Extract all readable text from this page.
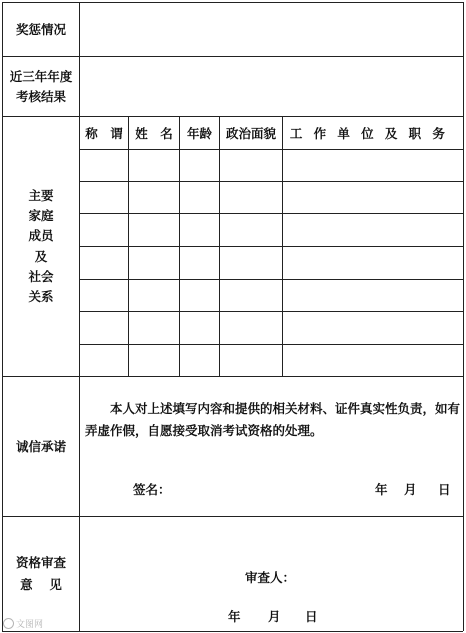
奖惩情况
近三年年度
考核结果
主要
家庭
成员
及
社会
关系
诚信承诺
资格审查
意　 见
称　谓 姓　名 年龄 政治面貌 工作单位及职务

本人对上述填写内容和提供的相关材料、证件真实性负责，如有弄虚作假，自愿接受取消考试资格的处理。

签名：	年 月 日
审查人：
年 月 日
文图网
